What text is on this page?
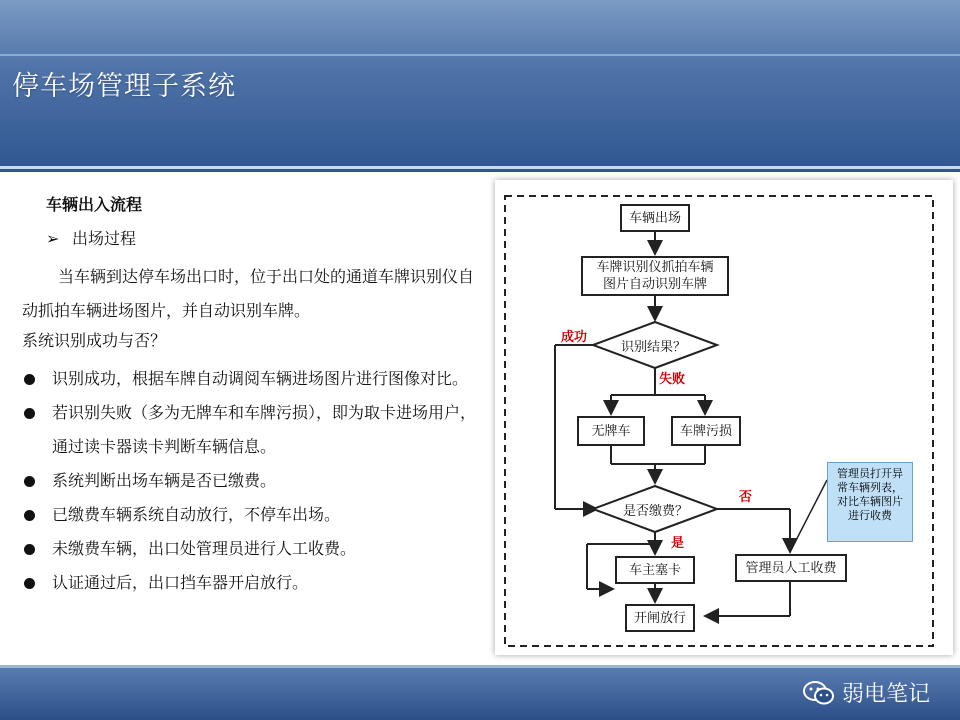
停车场管理子系统
车辆出入流程
➢ 出场过程
当车辆到达停车场出口时，位于出口处的通道车牌识别仪自动抓拍车辆进场图片，并自动识别车牌。
系统识别成功与否？
识别成功，根据车牌自动调阅车辆进场图片进行图像对比。
若识别失败（多为无牌车和车牌污损），即为取卡进场用户，通过读卡器读卡判断车辆信息。
系统判断出场车辆是否已缴费。
已缴费车辆系统自动放行，不停车出场。
未缴费车辆，出口处管理员进行人工收费。
认证通过后，出口挡车器开启放行。
车辆出场
车牌识别仪抓拍车辆图片自动识别车牌
识别结果？
无牌车	车牌污损
是否缴费？
车主塞卡	管理员人工收费
开闸放行
成功
失败
否
是
管理员打开异常车辆列表，对比车辆图片进行收费
弱电笔记
